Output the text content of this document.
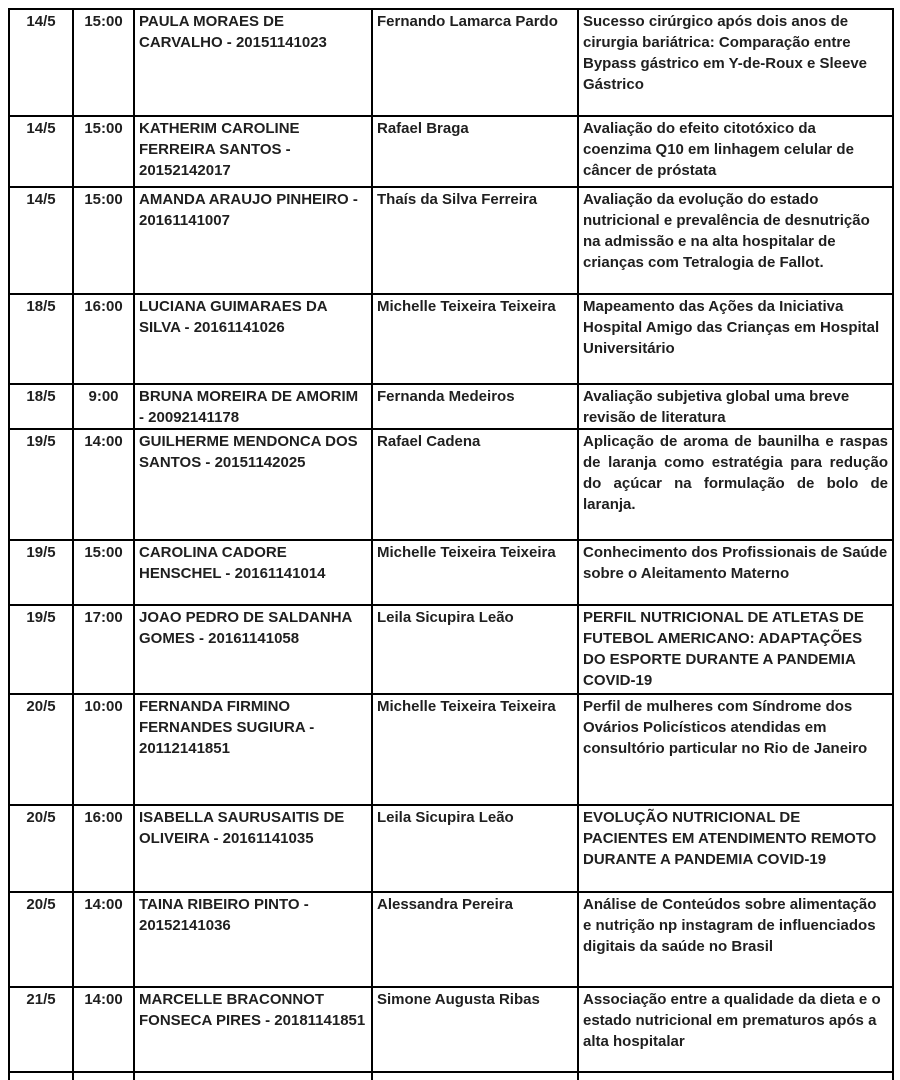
14/5	15:00	PAULA MORAES DE CARVALHO - 20151141023	Fernando Lamarca Pardo	Sucesso cirúrgico após dois anos de cirurgia bariátrica: Comparação entre Bypass gástrico em Y-de-Roux e Sleeve Gástrico
14/5	15:00	KATHERIM CAROLINE FERREIRA SANTOS - 20152142017	Rafael Braga	Avaliação do efeito citotóxico da coenzima Q10 em linhagem celular de câncer de próstata
14/5	15:00	AMANDA ARAUJO PINHEIRO - 20161141007	Thaís da Silva Ferreira	Avaliação da evolução do estado nutricional e prevalência de desnutrição na admissão e na alta hospitalar de crianças com Tetralogia de Fallot.
18/5	16:00	LUCIANA GUIMARAES DA SILVA - 20161141026	Michelle Teixeira Teixeira	Mapeamento das Ações da Iniciativa Hospital Amigo das Crianças em Hospital Universitário
18/5	9:00	BRUNA MOREIRA DE AMORIM - 20092141178	Fernanda Medeiros	Avaliação subjetiva global uma breve revisão de literatura
19/5	14:00	GUILHERME MENDONCA DOS SANTOS - 20151142025	Rafael Cadena	Aplicação de aroma de baunilha e raspas de laranja como estratégia para redução do açúcar na formulação de bolo de laranja.
19/5	15:00	CAROLINA CADORE HENSCHEL - 20161141014	Michelle Teixeira Teixeira	Conhecimento dos Profissionais de Saúde sobre o Aleitamento Materno
19/5	17:00	JOAO PEDRO DE SALDANHA GOMES - 20161141058	Leila Sicupira Leão	PERFIL NUTRICIONAL DE ATLETAS DE FUTEBOL AMERICANO: ADAPTAÇÕES DO ESPORTE DURANTE A PANDEMIA COVID-19
20/5	10:00	FERNANDA FIRMINO FERNANDES SUGIURA - 20112141851	Michelle Teixeira Teixeira	Perfil de mulheres com Síndrome dos Ovários Policísticos atendidas em consultório particular no Rio de Janeiro
20/5	16:00	ISABELLA SAURUSAITIS DE OLIVEIRA - 20161141035	Leila Sicupira Leão	EVOLUÇÃO NUTRICIONAL DE PACIENTES EM ATENDIMENTO REMOTO DURANTE A PANDEMIA COVID-19
20/5	14:00	TAINA RIBEIRO PINTO - 20152141036	Alessandra Pereira	Análise de Conteúdos sobre alimentação e nutrição np instagram de influenciados digitais da saúde no Brasil
21/5	14:00	MARCELLE BRACONNOT FONSECA PIRES - 20181141851	Simone Augusta Ribas	Associação entre a qualidade da dieta e o estado nutricional em prematuros após a alta hospitalar
